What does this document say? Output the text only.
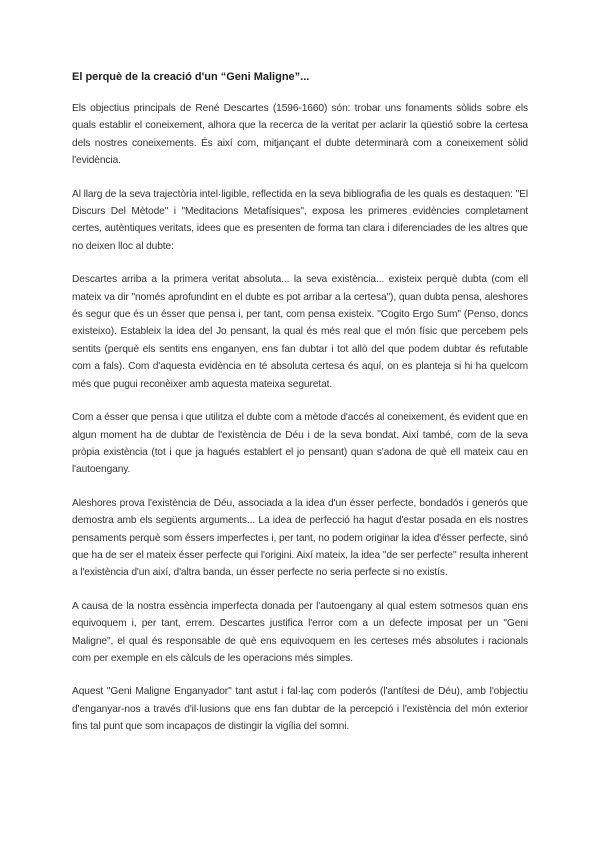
El perquè de la creació d'un “Geni Maligne”...

Els objectius principals de René Descartes (1596-1660) són: trobar uns fonaments sòlids sobre els quals establir el coneixement, alhora que la recerca de la veritat per aclarir la qüestió sobre la certesa dels nostres coneixements. És així com, mitjançant el dubte determinarà com a coneixement sòlid l'evidència.

Al llarg de la seva trajectòria intel·ligible, reflectida en la seva bibliografia de les quals es destaquen: "El Discurs Del Mètode" i "Meditacions Metafísiques", exposa les primeres evidències completament certes, autèntiques veritats, idees que es presenten de forma tan clara i diferenciades de les altres que no deixen lloc al dubte:

Descartes arriba a la primera veritat absoluta... la seva existència... existeix perquè dubta (com ell mateix va dir "només aprofundint en el dubte es pot arribar a la certesa"), quan dubta pensa, aleshores és segur que és un ésser que pensa i, per tant, com pensa existeix. "Cogito Ergo Sum" (Penso, doncs existeixo). Estableix la idea del Jo pensant, la qual és més real que el món físic que percebem pels sentits (perquè els sentits ens enganyen, ens fan dubtar i tot allò del que podem dubtar és refutable com a fals). Com d'aquesta evidència en té absoluta certesa és aquí, on es planteja si hi ha quelcom més que pugui reconèixer amb aquesta mateixa seguretat.

Com a ésser que pensa i que utilitza el dubte com a mètode d'accés al coneixement, és evident que en algun moment ha de dubtar de l'existència de Déu i de la seva bondat. Així també, com de la seva pròpia existència (tot i que ja hagués establert el jo pensant) quan s'adona de què ell mateix cau en l'autoengany.

Aleshores prova l'existència de Déu, associada a la idea d'un ésser perfecte, bondadós i generós que demostra amb els següents arguments... La idea de perfecció ha hagut d'estar posada en els nostres pensaments perquè som éssers imperfectes i, per tant, no podem originar la idea d'ésser perfecte, sinó que ha de ser el mateix ésser perfecte qui l'origini. Així mateix, la idea "de ser perfecte" resulta inherent a l'existència d'un així, d'altra banda, un ésser perfecte no seria perfecte si no existís.

A causa de la nostra essència imperfecta donada per l'autoengany al qual estem sotmesos quan ens equivoquem i, per tant, errem. Descartes justifica l'error com a un defecte imposat per un "Geni Maligne", el qual és responsable de què ens equivoquem en les certeses més absolutes i racionals com per exemple en els càlculs de les operacions més simples.

Aquest "Geni Maligne Enganyador" tant astut i fal·laç com poderós (l'antítesi de Déu), amb l'objectiu d'enganyar-nos a través d'il·lusions que ens fan dubtar de la percepció i l'existència del món exterior fins tal punt que som incapaços de distingir la vigília del somni.
